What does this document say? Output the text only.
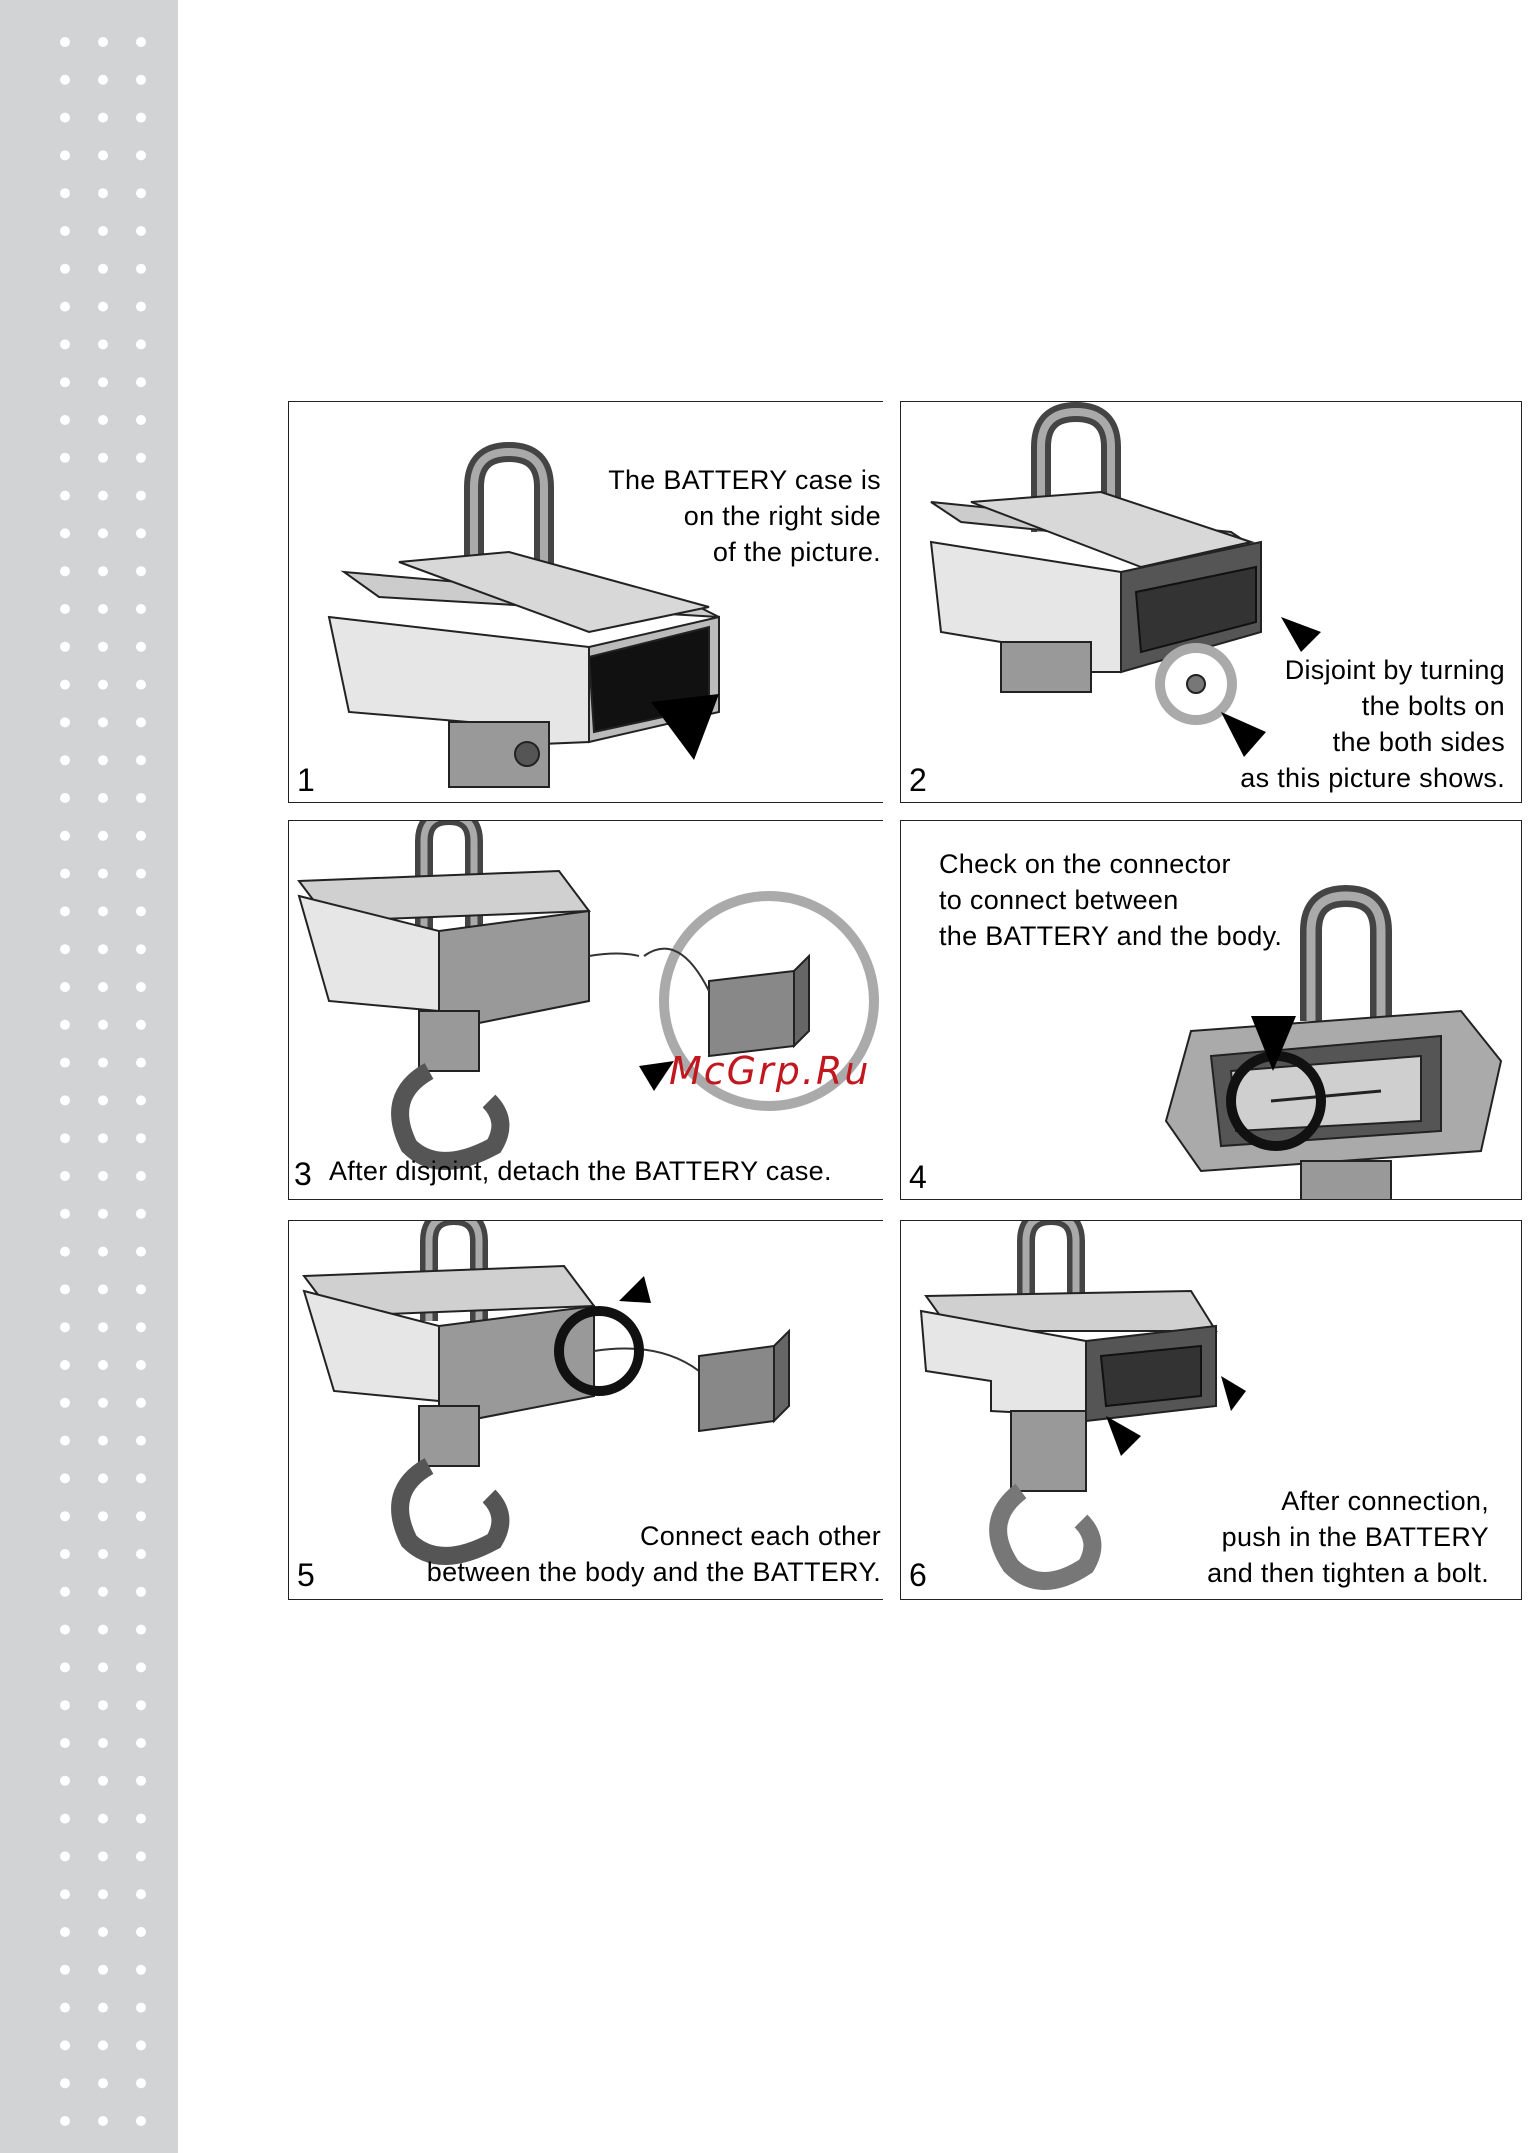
1
The BATTERY case is
on the right side
of the picture.
2
Disjoint by turning
the bolts on
the both sides
as this picture shows.
McGrp.Ru
3 After disjoint, detach the BATTERY case.	4
Check on the connector
to connect between
the BATTERY and the body.
5
Connect each other
between the body and the BATTERY. 6
After connection,
push in the BATTERY
and then tighten a bolt.
